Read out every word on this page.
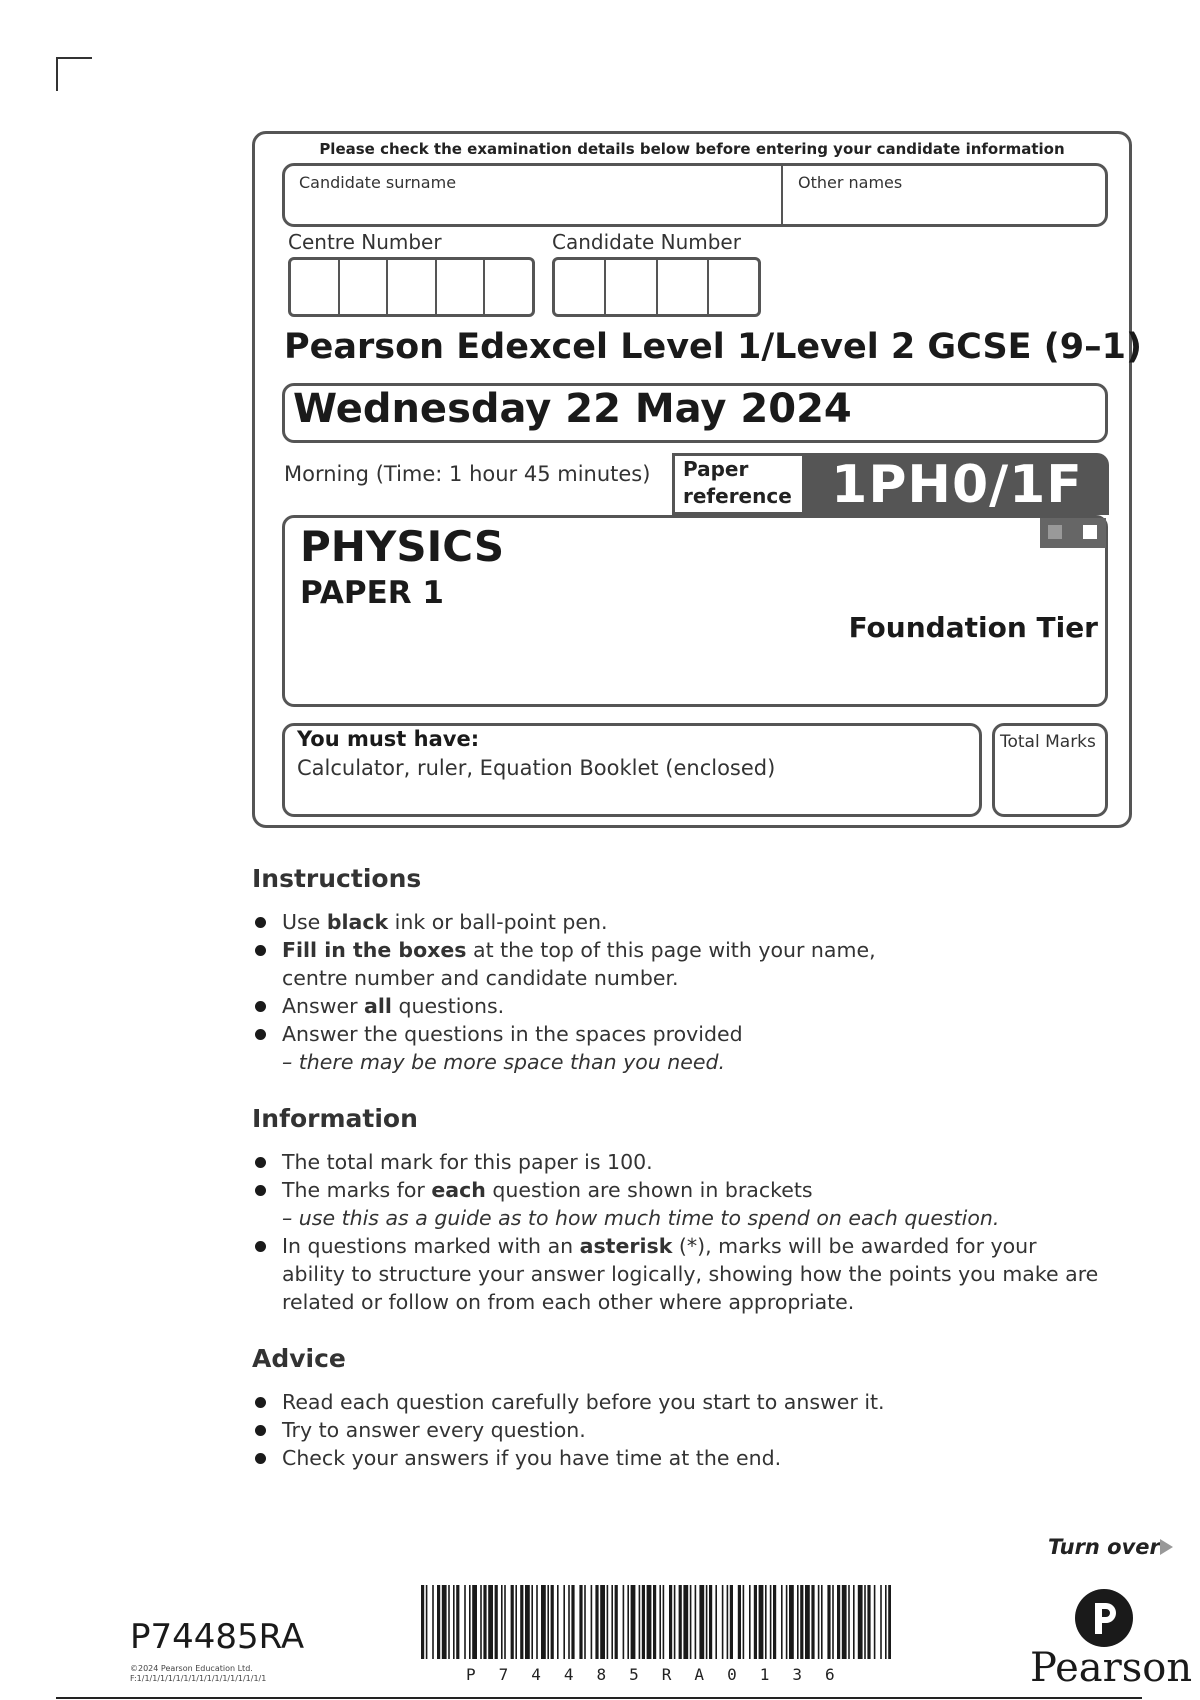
Please check the examination details below before entering your candidate information
Candidate surname	Other names
Centre Number	Candidate Number
Pearson Edexcel Level 1/Level 2 GCSE (9–1)
Wednesday 22 May 2024
Morning (Time: 1 hour 45 minutes) Paper
reference 1PH0/1F
PHYSICS
PAPER 1
Foundation Tier
You must have:
Calculator, ruler, Equation Booklet (enclosed)
Total Marks
Instructions
Use black ink or ball-point pen.
Fill in the boxes at the top of this page with your name,
centre number and candidate number.
Answer all questions.
Answer the questions in the spaces provided
– there may be more space than you need.
Information
The total mark for this paper is 100.
The marks for each question are shown in brackets
– use this as a guide as to how much time to spend on each question.
In questions marked with an asterisk (*), marks will be awarded for your ability to structure your answer logically, showing how the points you make are related or follow on from each other where appropriate.
Advice
Read each question carefully before you start to answer it.
Try to answer every question.
Check your answers if you have time at the end.
Turn over
P74485RA
©2024 Pearson Education Ltd.
F:1/1/1/1/1/1/1/1/1/1/1/1/1/1/1/1/1	P74485RA0136	Pearson
